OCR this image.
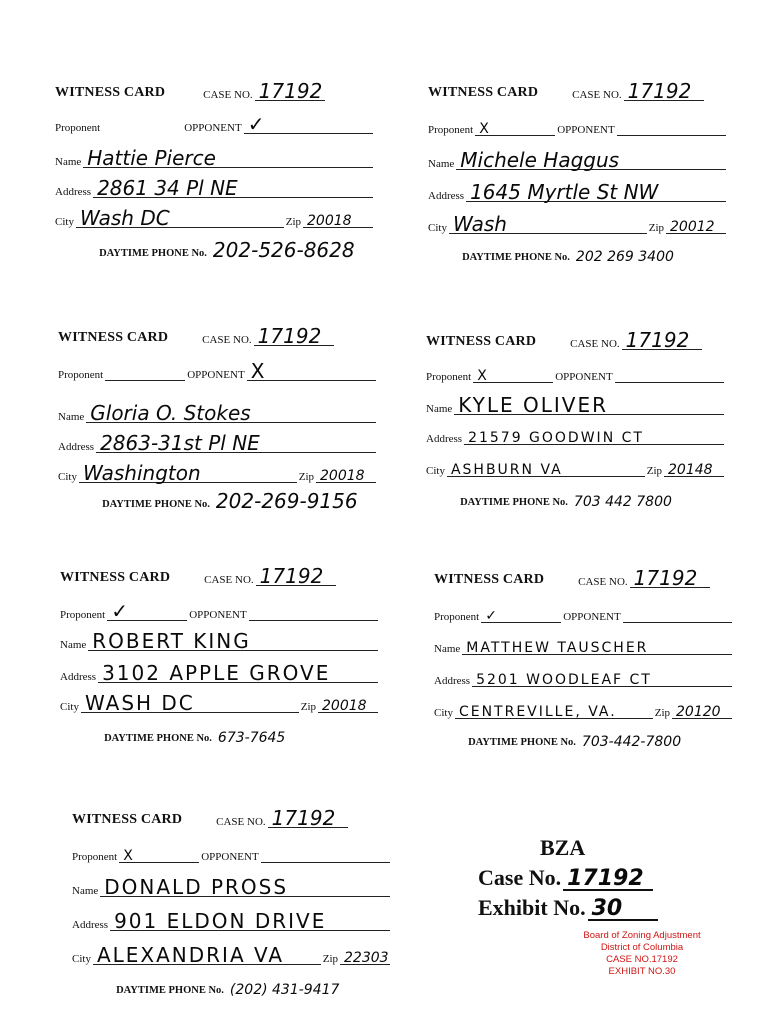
WITNESS CARD	CASE NO. 17192
Proponent	OPPONENT ✓
Name Hattie Pierce
Address 2861 34 Pl NE
City Wash DC	Zip 20018
DAYTIME PHONE No. 202-526-8628
WITNESS CARD	CASE NO. 17192
Proponent X	OPPONENT
Name Michele Haggus
Address 1645 Myrtle St NW
City Wash	Zip 20012
DAYTIME PHONE No. 202 269 3400
WITNESS CARD	CASE NO. 17192
Proponent	OPPONENT X
Name Gloria O. Stokes
Address 2863-31st Pl NE
City Washington	Zip 20018
DAYTIME PHONE No. 202-269-9156
WITNESS CARD	CASE NO. 17192
Proponent X	OPPONENT
Name KYLE OLIVER
Address 21579 GOODWIN CT
City ASHBURN VA	Zip 20148
DAYTIME PHONE No. 703 442 7800
WITNESS CARD	CASE NO. 17192
Proponent ✓	OPPONENT
Name ROBERT KING
Address 3102 APPLE GROVE
City WASH DC	Zip 20018
DAYTIME PHONE No. 673-7645
WITNESS CARD	CASE NO. 17192
Proponent ✓	OPPONENT
Name MATTHEW TAUSCHER
Address 5201 WOODLEAF CT
City CENTREVILLE, VA.	Zip 20120
DAYTIME PHONE No. 703-442-7800
WITNESS CARD	CASE NO. 17192
Proponent X	OPPONENT
Name DONALD PROSS
Address 901 ELDON DRIVE
City ALEXANDRIA VA	Zip 22303
DAYTIME PHONE No. (202) 431-9417
BZA
Case No. 17192
Exhibit No. 30
Board of Zoning Adjustment
District of Columbia
CASE NO.17192
EXHIBIT NO.30
